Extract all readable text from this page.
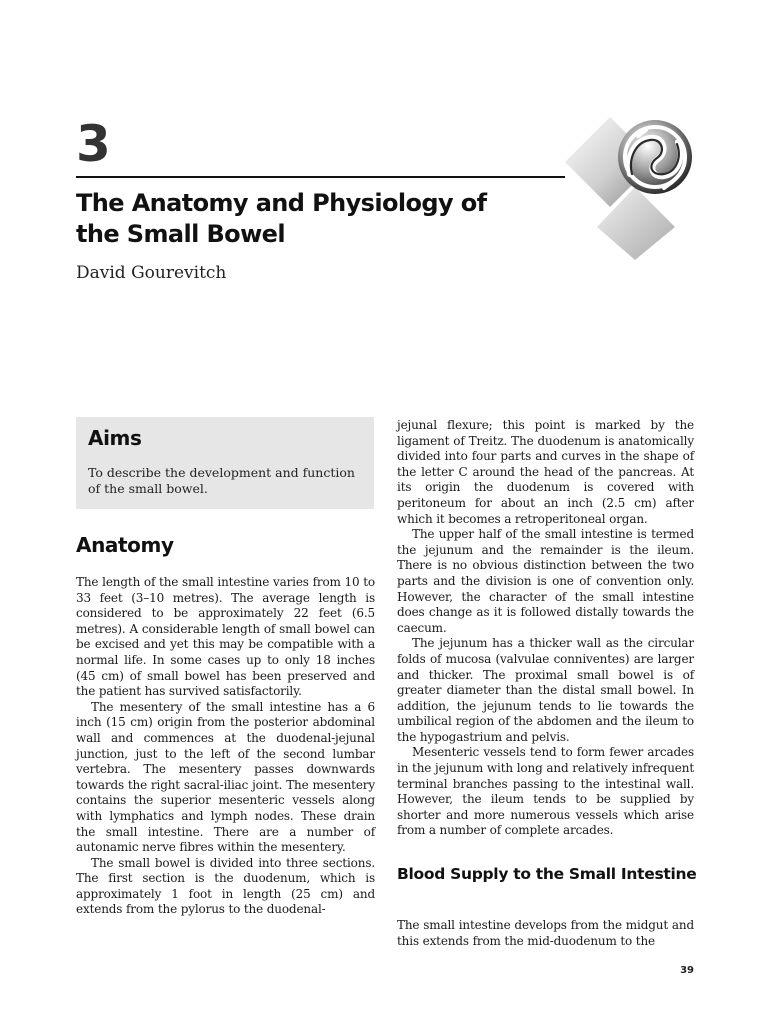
3
The Anatomy and Physiology of the Small Bowel
David Gourevitch
Aims

To describe the development and function of the small bowel.

Anatomy

The length of the small intestine varies from 10 to 33 feet (3–10 metres). The average length is considered to be approximately 22 feet (6.5 metres). A considerable length of small bowel can be excised and yet this may be compatible with a normal life. In some cases up to only 18 inches (45 cm) of small bowel has been preserved and the patient has survived satisfactorily.

The mesentery of the small intestine has a 6 inch (15 cm) origin from the posterior abdominal wall and commences at the duodenal-jejunal junction, just to the left of the second lumbar vertebra. The mesentery passes downwards towards the right sacral-iliac joint. The mesentery contains the superior mesenteric vessels along with lymphatics and lymph nodes. These drain the small intestine. There are a number of autonamic nerve fibres within the mesentery.

The small bowel is divided into three sections. The first section is the duodenum, which is approximately 1 foot in length (25 cm) and extends from the pylorus to the duodenal-

jejunal flexure; this point is marked by the ligament of Treitz. The duodenum is anatomically divided into four parts and curves in the shape of the letter C around the head of the pancreas. At its origin the duodenum is covered with peritoneum for about an inch (2.5 cm) after which it becomes a retroperitoneal organ.

The upper half of the small intestine is termed the jejunum and the remainder is the ileum. There is no obvious distinction between the two parts and the division is one of convention only. However, the character of the small intestine does change as it is followed distally towards the caecum.

The jejunum has a thicker wall as the circular folds of mucosa (valvulae conniventes) are larger and thicker. The proximal small bowel is of greater diameter than the distal small bowel. In addition, the jejunum tends to lie towards the umbilical region of the abdomen and the ileum to the hypogastrium and pelvis.

Mesenteric vessels tend to form fewer arcades in the jejunum with long and relatively infrequent terminal branches passing to the intestinal wall. However, the ileum tends to be supplied by shorter and more numerous vessels which arise from a number of complete arcades.

Blood Supply to the Small Intestine

The small intestine develops from the midgut and this extends from the mid-duodenum to the

39
